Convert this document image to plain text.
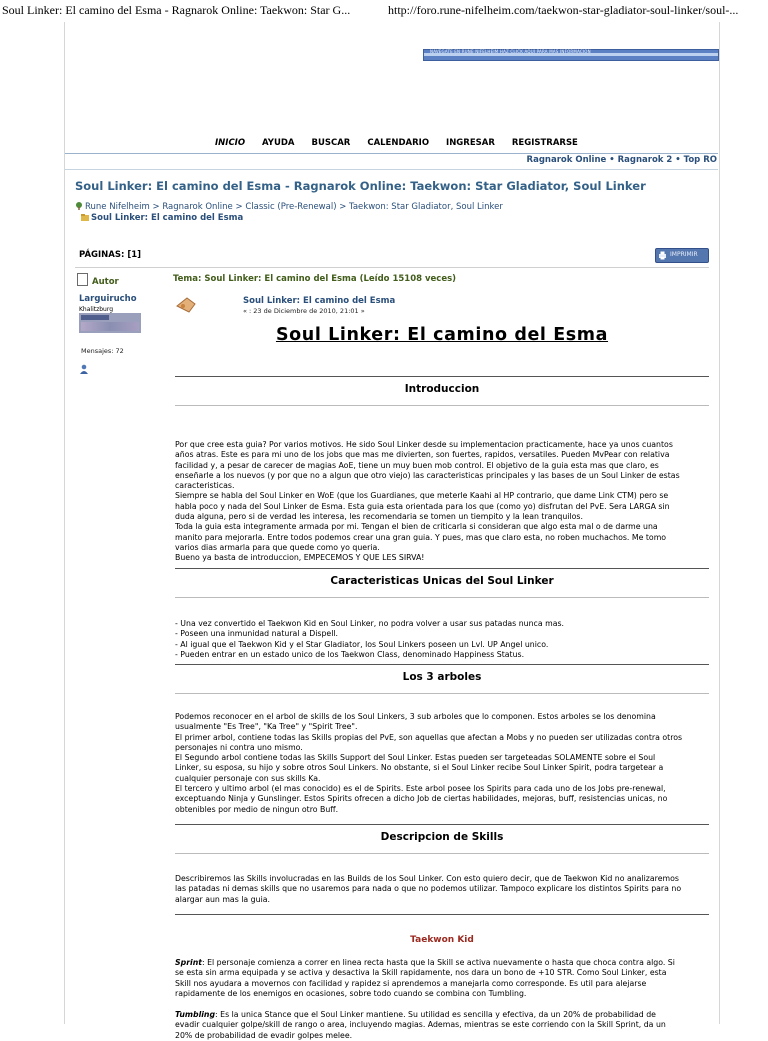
Soul Linker: El camino del Esma - Ragnarok Online: Taekwon: Star G...	http://foro.rune-nifelheim.com/taekwon-star-gladiator-soul-linker/soul-...
NAVEGATE EN RUNE NIFELHEIM HAZ CLICK AQUI PARA MAS INFORMACION
INICIO AYUDA BUSCAR CALENDARIO INGRESAR REGISTRARSE
Ragnarok Online • Ragnarok 2 • Top RO
Soul Linker: El camino del Esma - Ragnarok Online: Taekwon: Star Gladiator, Soul Linker
Rune Nifelheim > Ragnarok Online > Classic (Pre-Renewal) > Taekwon: Star Gladiator, Soul Linker
Soul Linker: El camino del Esma
PÁGINAS: [1]	IMPRIMIR
Autor	Tema: Soul Linker: El camino del Esma (Leído 15108 veces)
Larguirucho
Khalitzburg
Mensajes: 72
Soul Linker: El camino del Esma
« : 23 de Diciembre de 2010, 21:01 »
Soul Linker: El camino del Esma
Introduccion

Por que cree esta guia? Por varios motivos. He sido Soul Linker desde su implementacion practicamente, hace ya unos cuantos

años atras. Este es para mi uno de los jobs que mas me divierten, son fuertes, rapidos, versatiles. Pueden MvPear con relativa

facilidad y, a pesar de carecer de magias AoE, tiene un muy buen mob control. El objetivo de la guia esta mas que claro, es

enseñarle a los nuevos (y por que no a algun que otro viejo) las caracteristicas principales y las bases de un Soul Linker de estas

caracteristicas.

Siempre se habla del Soul Linker en WoE (que los Guardianes, que meterle Kaahi al HP contrario, que dame Link CTM) pero se

habla poco y nada del Soul Linker de Esma. Esta guia esta orientada para los que (como yo) disfrutan del PvE. Sera LARGA sin

duda alguna, pero si de verdad les interesa, les recomendaria se tomen un tiempito y la lean tranquilos.

Toda la guia esta integramente armada por mi. Tengan el bien de criticarla si consideran que algo esta mal o de darme una

manito para mejorarla. Entre todos podemos crear una gran guia. Y pues, mas que claro esta, no roben muchachos. Me tomo

varios dias armarla para que quede como yo queria.

Bueno ya basta de introduccion, EMPECEMOS Y QUE LES SIRVA!

Caracteristicas Unicas del Soul Linker

- Una vez convertido el Taekwon Kid en Soul Linker, no podra volver a usar sus patadas nunca mas.

- Poseen una inmunidad natural a Dispell.

- Al igual que el Taekwon Kid y el Star Gladiator, los Soul Linkers poseen un Lvl. UP Angel unico.

- Pueden entrar en un estado unico de los Taekwon Class, denominado Happiness Status.

Los 3 arboles

Podemos reconocer en el arbol de skills de los Soul Linkers, 3 sub arboles que lo componen. Estos arboles se los denomina

usualmente "Es Tree", "Ka Tree" y "Spirit Tree".

El primer arbol, contiene todas las Skills propias del PvE, son aquellas que afectan a Mobs y no pueden ser utilizadas contra otros

personajes ni contra uno mismo.

El Segundo arbol contiene todas las Skills Support del Soul Linker. Estas pueden ser targeteadas SOLAMENTE sobre el Soul

Linker, su esposa, su hijo y sobre otros Soul Linkers. No obstante, si el Soul Linker recibe Soul Linker Spirit, podra targetear a

cualquier personaje con sus skills Ka.

El tercero y ultimo arbol (el mas conocido) es el de Spirits. Este arbol posee los Spirits para cada uno de los Jobs pre-renewal,

exceptuando Ninja y Gunslinger. Estos Spirits ofrecen a dicho Job de ciertas habilidades, mejoras, buff, resistencias unicas, no

obtenibles por medio de ningun otro Buff.

Descripcion de Skills

Describiremos las Skills involucradas en las Builds de los Soul Linker. Con esto quiero decir, que de Taekwon Kid no analizaremos

las patadas ni demas skills que no usaremos para nada o que no podemos utilizar. Tampoco explicare los distintos Spirits para no

alargar aun mas la guia.

Taekwon Kid

Sprint: El personaje comienza a correr en linea recta hasta que la Skill se activa nuevamente o hasta que choca contra algo. Si

se esta sin arma equipada y se activa y desactiva la Skill rapidamente, nos dara un bono de +10 STR. Como Soul Linker, esta

Skill nos ayudara a movernos con facilidad y rapidez si aprendemos a manejarla como corresponde. Es util para alejarse

rapidamente de los enemigos en ocasiones, sobre todo cuando se combina con Tumbling.

Tumbling: Es la unica Stance que el Soul Linker mantiene. Su utilidad es sencilla y efectiva, da un 20% de probabilidad de

evadir cualquier golpe/skill de rango o area, incluyendo magias. Ademas, mientras se este corriendo con la Skill Sprint, da un

20% de probabilidad de evadir golpes melee.
